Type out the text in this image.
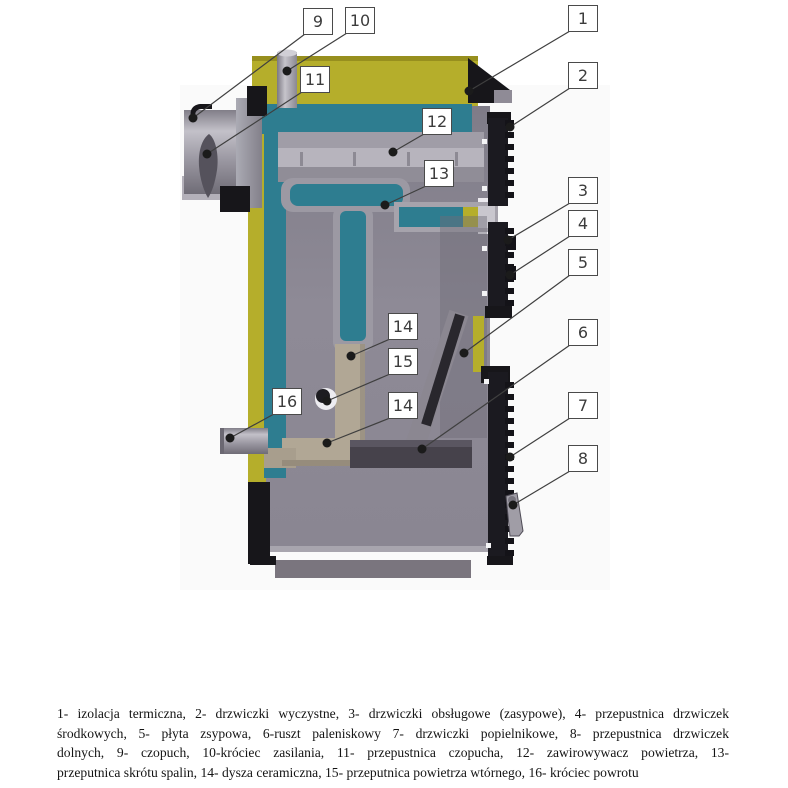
1
2
3
4
5
6
7
8
9	10
11
12
13
14
15
14
16
1- izolacja termiczna, 2- drzwiczki wyczystne, 3- drzwiczki obsługowe (zasypowe), 4- przepustnica drzwiczek
środkowych, 5- płyta zsypowa, 6-ruszt paleniskowy 7- drzwiczki popielnikowe, 8- przepustnica drzwiczek
dolnych, 9- czopuch, 10-króciec zasilania, 11- przepustnica czopucha, 12- zawirowywacz powietrza, 13-
przeputnica skrótu spalin, 14- dysza ceramiczna, 15- przeputnica powietrza wtórnego, 16- króciec powrotu
